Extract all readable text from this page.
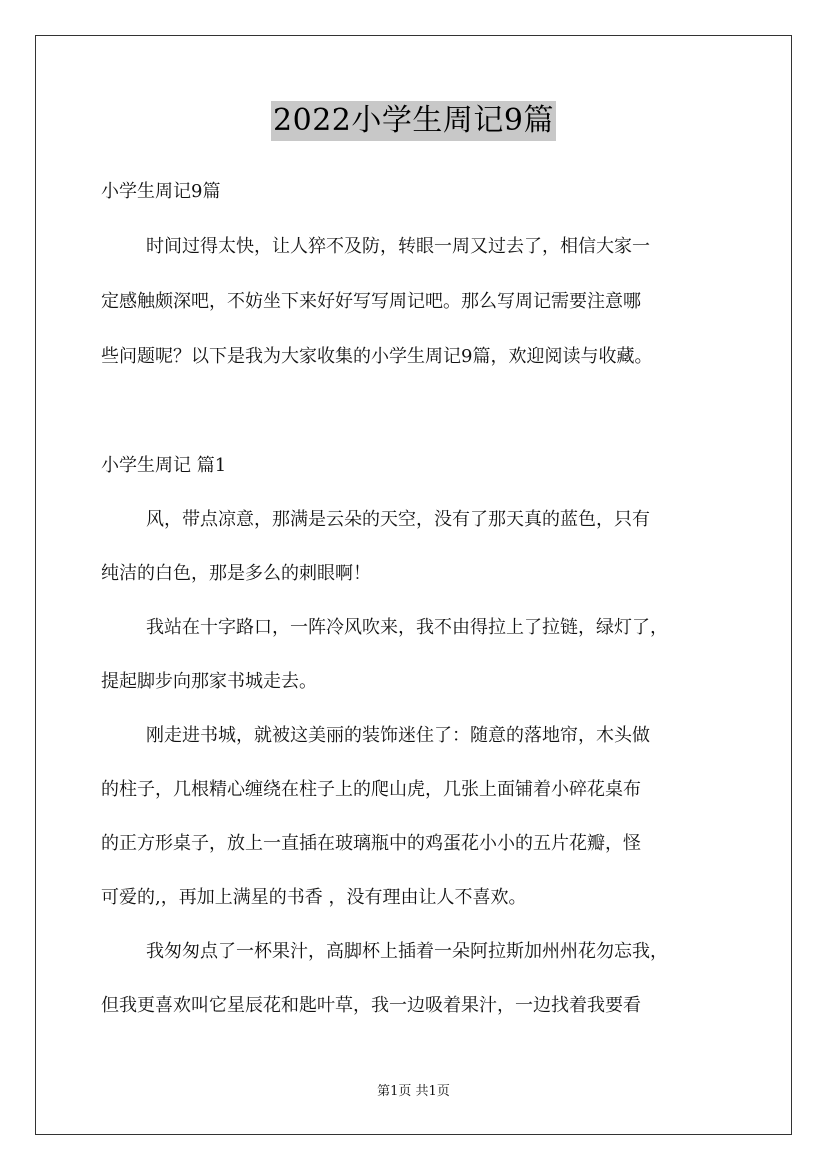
2022小学生周记9篇
小学生周记9篇
时间过得太快，让人猝不及防，转眼一周又过去了，相信大家一
定感触颇深吧，不妨坐下来好好写写周记吧。那么写周记需要注意哪
些问题呢？以下是我为大家收集的小学生周记9篇，欢迎阅读与收藏。
小学生周记 篇1
风，带点凉意，那满是云朵的天空，没有了那天真的蓝色，只有
纯洁的白色，那是多么的刺眼啊！
我站在十字路口，一阵冷风吹来，我不由得拉上了拉链，绿灯了，
提起脚步向那家书城走去。
刚走进书城，就被这美丽的装饰迷住了：随意的落地帘，木头做
的柱子，几根精心缠绕在柱子上的爬山虎，几张上面铺着小碎花桌布
的正方形桌子，放上一直插在玻璃瓶中的鸡蛋花小小的五片花瓣，怪
可爱的,，再加上满星的书香 ，没有理由让人不喜欢。
我匆匆点了一杯果汁，高脚杯上插着一朵阿拉斯加州州花勿忘我，
但我更喜欢叫它星辰花和匙叶草，我一边吸着果汁，一边找着我要看
第1页 共1页
